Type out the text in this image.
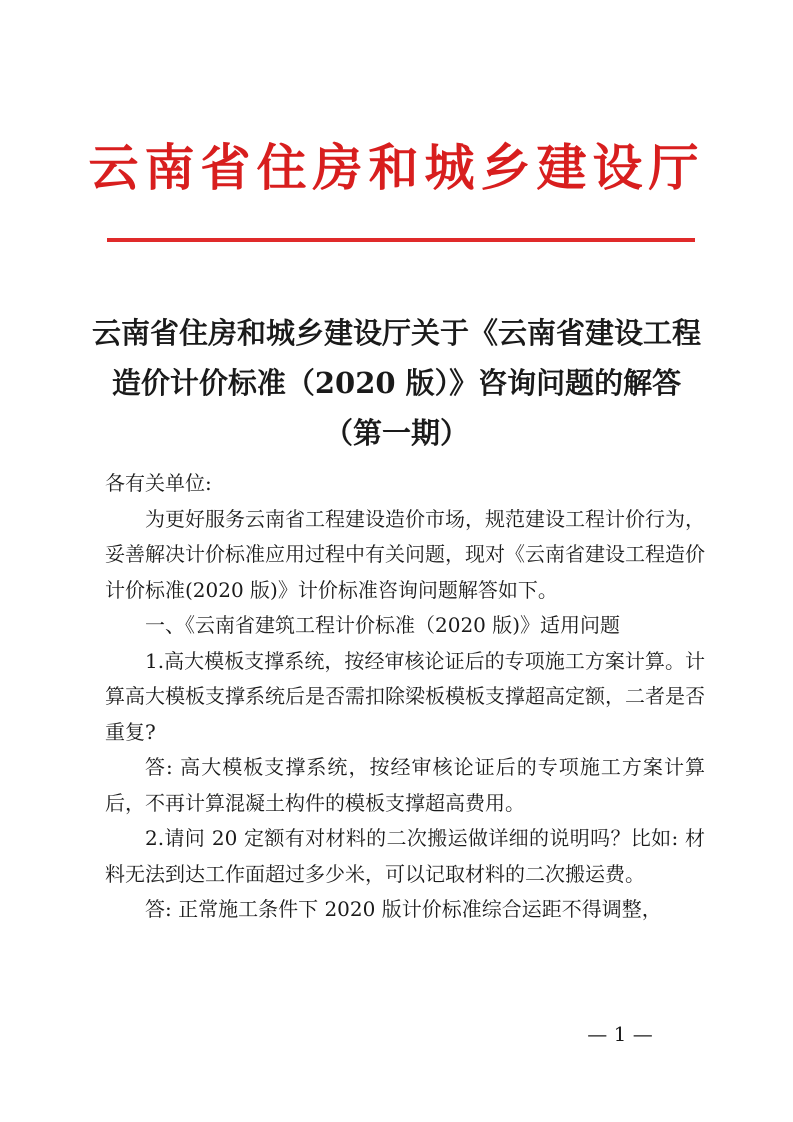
云南省住房和城乡建设厅
云南省住房和城乡建设厅关于《云南省建设工程
造价计价标准（2020 版）》咨询问题的解答
（第一期）

各有关单位:

为更好服务云南省工程建设造价市场，规范建设工程计价行为，妥善解决计价标准应用过程中有关问题，现对《云南省建设工程造价计价标准(2020 版)》计价标准咨询问题解答如下。

一、《云南省建筑工程计价标准（2020 版)》适用问题

1.高大模板支撑系统，按经审核论证后的专项施工方案计算。计算高大模板支撑系统后是否需扣除梁板模板支撑超高定额，二者是否重复?

答: 高大模板支撑系统，按经审核论证后的专项施工方案计算后，不再计算混凝土构件的模板支撑超高费用。

2.请问 20 定额有对材料的二次搬运做详细的说明吗？比如: 材料无法到达工作面超过多少米，可以记取材料的二次搬运费。

答: 正常施工条件下 2020 版计价标准综合运距不得调整，

— 1 —
